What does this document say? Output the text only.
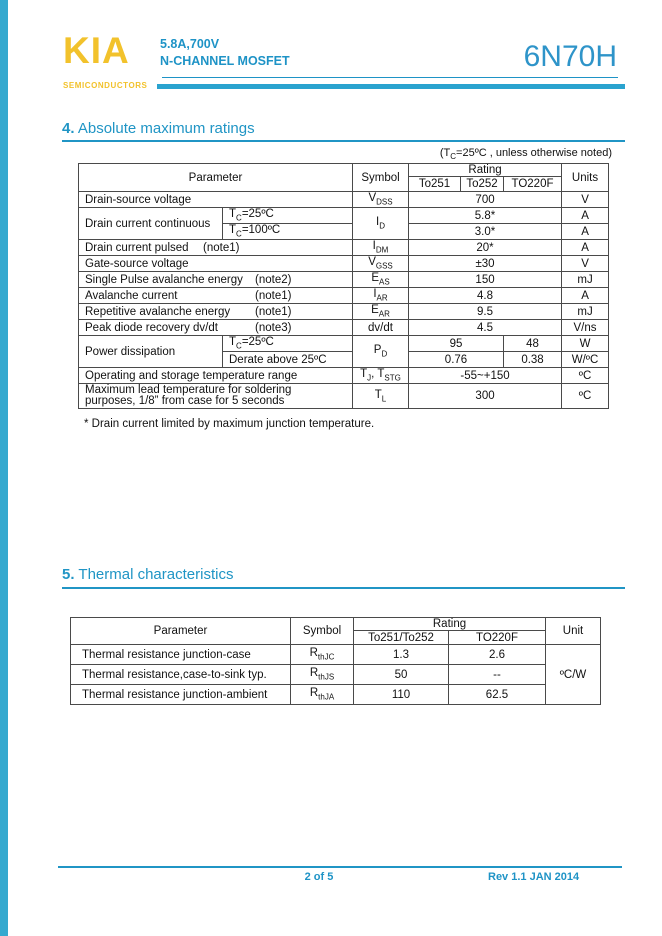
KIA
SEMICONDUCTORS
5.8A,700V
N-CHANNEL MOSFET	6N70H
4. Absolute maximum ratings
($T_C=25ºC$ , unless otherwise noted)
Parameter		Symbol	Rating			Units
			To251	To252	TO220F	
Drain-source voltage		$V_{DSS}$	700			V
Drain current continuous	$T_C=25ºC$	$I_D$	5.8*			A
	$T_C=100ºC$		3.0*			A
Drain current pulsed (note1)		$I_{DM}$	20*			A
Gate-source voltage		$V_{GSS}$	±30			V
Single Pulse avalanche energy (note2)		$E_{AS}$	150			mJ
Avalanche current (note1)		$I_{AR}$	4.8			A
Repetitive avalanche energy (note1)		$E_{AR}$	9.5			mJ
Peak diode recovery dv/dt (note3)		dv/dt	4.5			V/ns
Power dissipation	$T_C=25ºC$	$P_D$	95		48	W
	Derate above 25ºC		0.76		0.38	W/ºC
Operating and storage temperature range		$T_J$, $T_{STG}$	-55~+150			ºC
Maximum lead temperature for soldering purposes, 1/8” from case for 5 seconds		$T_L$	300			ºC
* Drain current limited by maximum junction temperature.
5. Thermal characteristics
Parameter	Symbol	Rating		Unit
		To251/To252	TO220F	
Thermal resistance junction-case	$R_{thJC}$	1.3	2.6	ºC/W
Thermal resistance,case-to-sink typ.	$R_{thJS}$	50	--	
Thermal resistance junction-ambient	$R_{thJA}$	110	62.5	
2 of 5	Rev 1.1 JAN 2014
